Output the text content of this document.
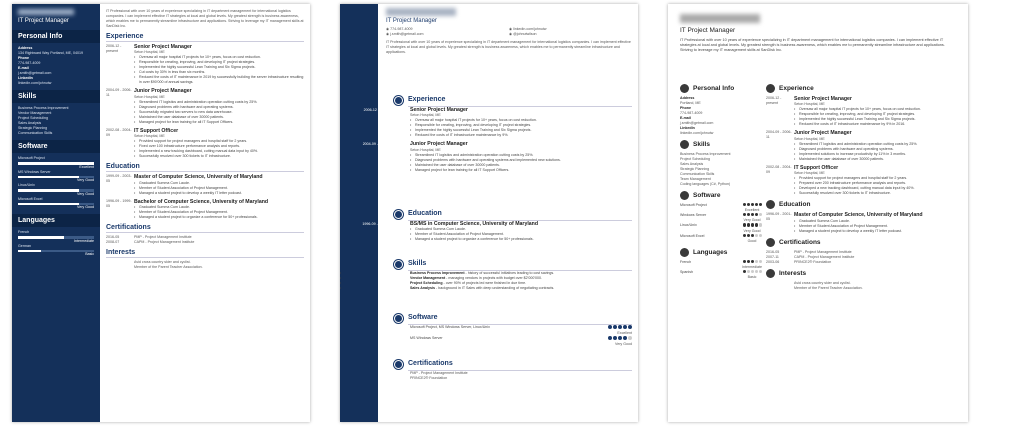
IT Project Manager
Personal Info
Address
134 Rightward Way Portland, ME, 04019
Phone
774-987-4009
E-mail
j.smith@getmail.com
LinkedIn
linkedin.com/johnutw
Skills
Business Process Improvement
Vendor Management
Project Scheduling
Sales Analysis
Strategic Planning
Communication Skills
Software
Microsoft Project
Excellent
MS Windows Server
Very Good
Linux/Unix
Very Good
Microsoft Excel
Very Good
Languages
French
Intermediate
German
Basic
IT Professional with over 10 years of experience specializing in IT department management for international logistics companies. I can implement effective IT strategies at local and global levels. My greatest strength is business awareness, which enables me to permanently streamline infrastructure and applications. Striving to leverage my IT management skills at SanDisk Inc.
Experience
2006-12 - present
Senior Project Manager
Seton Hospital, ME
• Oversaw all major hospital IT projects for 10+ years, focus on cost reduction.
• Responsible for creating, improving, and developing IT project strategies.
• Implemented the highly successful Lean Training and Six Sigma projects.
• Cut costs by 30% in less than six months.
• Reduced the costs of IT maintenance in 2019 by successfully building the server infrastructure resulting in over $90'000 of annual savings.
2004-09 - 2006-11
Junior Project Manager
Seton Hospital, ME
• Streamlined IT logistics and administration operation cutting costs by 25%.
• Diagnosed problems with hardware and operating systems.
• Successfully migrated two servers to new data warehouse.
• Maintained the user database of over 30000 patients.
• Managed project for lean training for all IT Support Officers.
2002-08 - 2004-09
IT Support Officer
Seton Hospital, ME
• Provided support for project managers and hospital staff for 2 years.
• Fixed over 100 infrastructure performance analysis and reports.
• Implemented a new tracking dashboard, cutting manual data input by 40%.
• Successfully resolved over 300 tickets to IT infrastructure.
Education
1999-09 - 2003-05
Master of Computer Science, University of Maryland
• Graduated Summa Cum Laude.
• Member of Student Association of Project Management.
• Managed a student project to develop a weekly IT letter podcast.
1996-09 - 1999-05
Bachelor of Computer Science, University of Maryland
• Graduated Summa Cum Laude.
• Member of Student Association of Project Management.
• Managed a student project to organize a conference for 50+ professionals.
Certifications
2016-05	PMP - Project Management Institute
2008-07	CAPM - Project Management Institute
Interests
Avid cross country skier and cyclist.
Member of the Parent Teacher Association.
IT Project Manager
◉ 774-987-4009	◉ linkedin.com/johnutw
◉ j.smith@getmail.com	◉ @johnutwilson
IT Professional with over 10 years of experience specializing in IT department management for international logistics companies. I can implement effective IT strategies at local and global levels. My greatest strength is business awareness, which enables me to permanently streamline infrastructure and applications.
Experience
2006-12 - present	Senior Project Manager
Seton Hospital, ME
• Oversaw all major hospital IT projects for 10+ years, focus on cost reduction.
• Responsible for creating, improving, and developing IT project strategies.
• Implemented the highly successful Lean Training and Six Sigma projects.
• Reduced the costs of IT infrastructure maintenance by 9%.
2004-09 - 2006-11	Junior Project Manager
Seton Hospital, ME
• Streamlined IT logistics and administration operation cutting costs by 25%.
• Diagnosed problems with hardware and operating systems and implemented new solutions.
• Maintained the user database of over 30000 patients.
• Managed project for lean training for all IT Support Officers.
Education
1996-09 - 2001-05	BS/MS in Computer Science, University of Maryland
• Graduated Summa Cum Laude.
• Member of Student Association of Project Management.
• Managed a student project to organize a conference for 50+ professionals.
Skills
• Business Process Improvement - history of successful initiatives leading to cost savings.
• Vendor Management - managing vendors in projects with budget over $2'000'000.
• Project Scheduling - over 90% of projects led were finished in due time.
• Sales Analysis - background in IT Sales with deep understanding of negotiating contracts.
Software
Microsoft Project, MS Windows Server, Linux/Unix
Excellent
MS Windows Server
Very Good
Certifications
2016-05	PMP - Project Management Institute
2014-06	PRINCE2® Foundation
IT Project Manager
IT Professional with over 10 years of experience specializing in IT department management for international logistics companies. I can implement effective IT strategies at local and global levels. My greatest strength is business awareness, which enables me to permanently streamline infrastructure and applications. Striving to leverage my IT management skills at SanDisk Inc.
Personal Info
Address
Portland, ME
Phone
774-987-4009
E-mail
j.smith@getmail.com
LinkedIn
linkedin.com/johnutw
Skills
Business Process Improvement
Project Scheduling
Sales Analysis
Strategic Planning
Communication Skills
Team Management
Coding languages (C#, Python)
Software
Microsoft Project
Excellent
Windows Server
Very Good
Linux/Unix
Very Good
Microsoft Excel
Good
Languages
French
Intermediate
Spanish
Basic
Experience
2006-12 - present
Senior Project Manager
Seton Hospital, ME
• Oversaw all major hospital IT projects for 10+ years, focus on cost reduction.
• Responsible for creating, improving, and developing IT project strategies.
• Implemented the highly successful Lean Training and Six Sigma projects.
• Reduced the costs of IT infrastructure maintenance by 9% in 2016.
2004-09 - 2006-11
Junior Project Manager
Seton Hospital, ME
• Streamlined IT logistics and administration operation cutting costs by 25%.
• Diagnosed problems with hardware and operating systems.
• Implemented solutions to increase productivity by 11% in 3 months.
• Maintained the user database of over 30000 patients.
2002-08 - 2004-09
IT Support Officer
Seton Hospital, ME
• Provided support for project managers and hospital staff for 2 years.
• Prepared over 200 infrastructure performance analysis and reports.
• Developed a new tracking dashboard, cutting manual data input by 40%.
• Successfully resolved over 300 tickets to IT infrastructure.
Education
1996-09 - 2001-05
Master of Computer Science, University of Maryland
• Graduated Summa Cum Laude.
• Member of Student Association of Project Management.
• Managed a student project to develop a weekly IT letter podcast.
Certifications
2016-05	PMP - Project Management Institute
2007-11	CAPM - Project Management Institute
2003-06	PRINCE2® Foundation
Interests
Avid cross country skier and cyclist.
Member of the Parent Teacher Association.
